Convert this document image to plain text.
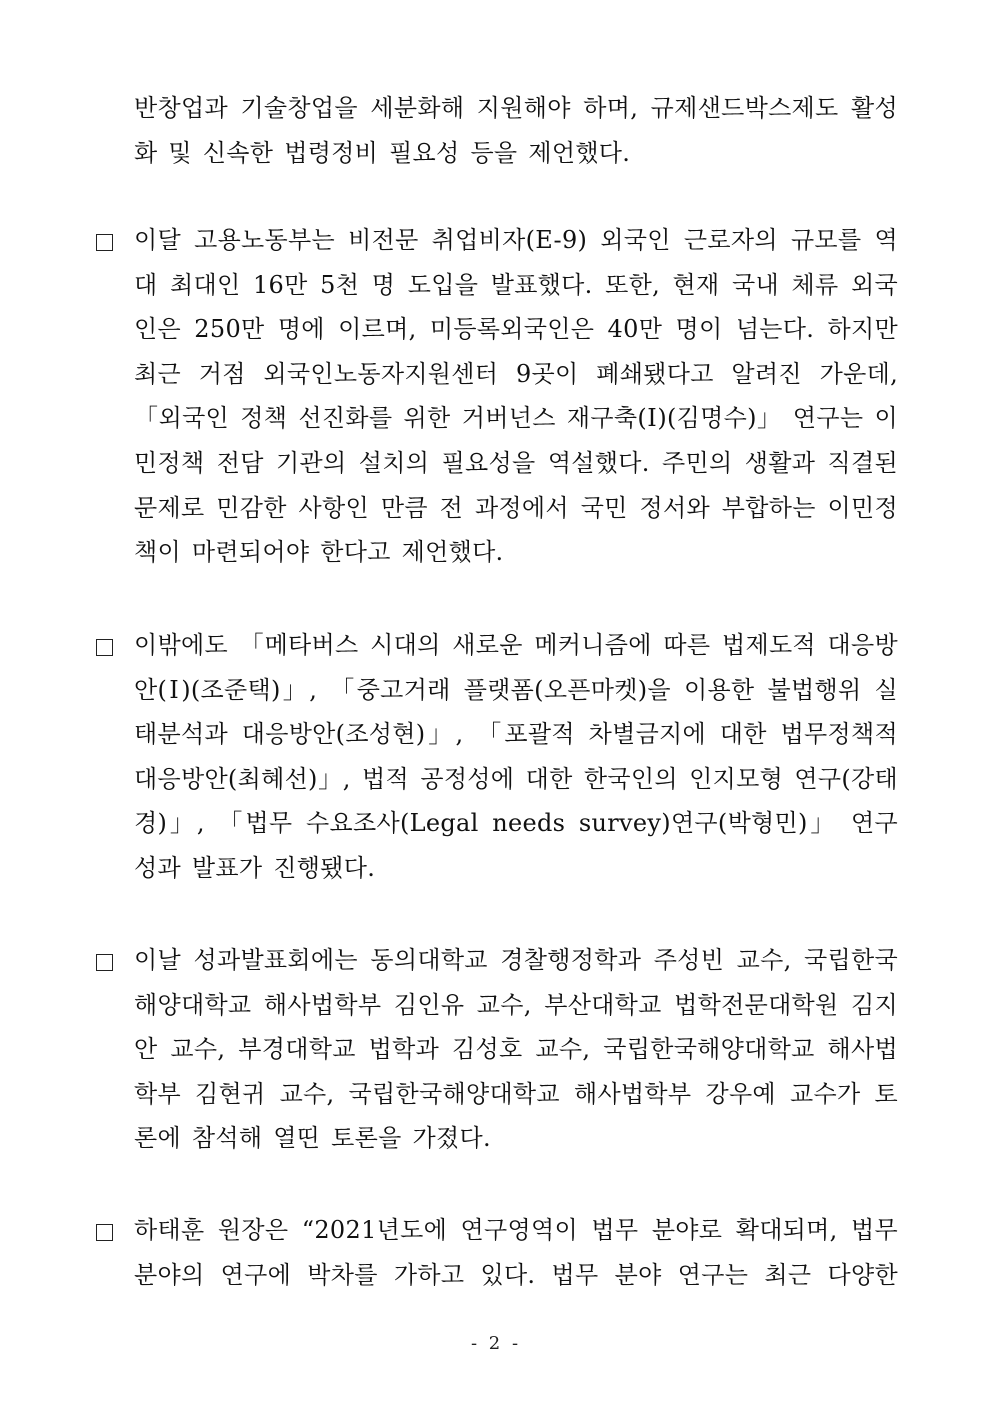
반창업과 기술창업을 세분화해 지원해야 하며, 규제샌드박스제도 활성화 및 신속한 법령정비 필요성 등을 제언했다.
이달 고용노동부는 비전문 취업비자(E-9) 외국인 근로자의 규모를 역대 최대인 16만 5천 명 도입을 발표했다. 또한, 현재 국내 체류 외국인은 250만 명에 이르며, 미등록외국인은 40만 명이 넘는다. 하지만 최근 거점 외국인노동자지원센터 9곳이 폐쇄됐다고 알려진 가운데, 「외국인 정책 선진화를 위한 거버넌스 재구축(Ⅰ)(김명수)」 연구는 이민정책 전담 기관의 설치의 필요성을 역설했다. 주민의 생활과 직결된 문제로 민감한 사항인 만큼 전 과정에서 국민 정서와 부합하는 이민정책이 마련되어야 한다고 제언했다.
이밖에도 「메타버스 시대의 새로운 메커니즘에 따른 법제도적 대응방안(Ⅰ)(조준택)」, 「중고거래 플랫폼(오픈마켓)을 이용한 불법행위 실태분석과 대응방안(조성현)」, 「포괄적 차별금지에 대한 법무정책적 대응방안(최혜선)」, 법적 공정성에 대한 한국인의 인지모형 연구(강태경)」, 「법무 수요조사(Legal needs survey)연구(박형민)」 연구 성과 발표가 진행됐다.
이날 성과발표회에는 동의대학교 경찰행정학과 주성빈 교수, 국립한국해양대학교 해사법학부 김인유 교수, 부산대학교 법학전문대학원 김지안 교수, 부경대학교 법학과 김성호 교수, 국립한국해양대학교 해사법학부 김현귀 교수, 국립한국해양대학교 해사법학부 강우예 교수가 토론에 참석해 열띤 토론을 가졌다.
하태훈 원장은 “2021년도에 연구영역이 법무 분야로 확대되며, 법무 분야의 연구에 박차를 가하고 있다. 법무 분야 연구는 최근 다양한
- 2 -
